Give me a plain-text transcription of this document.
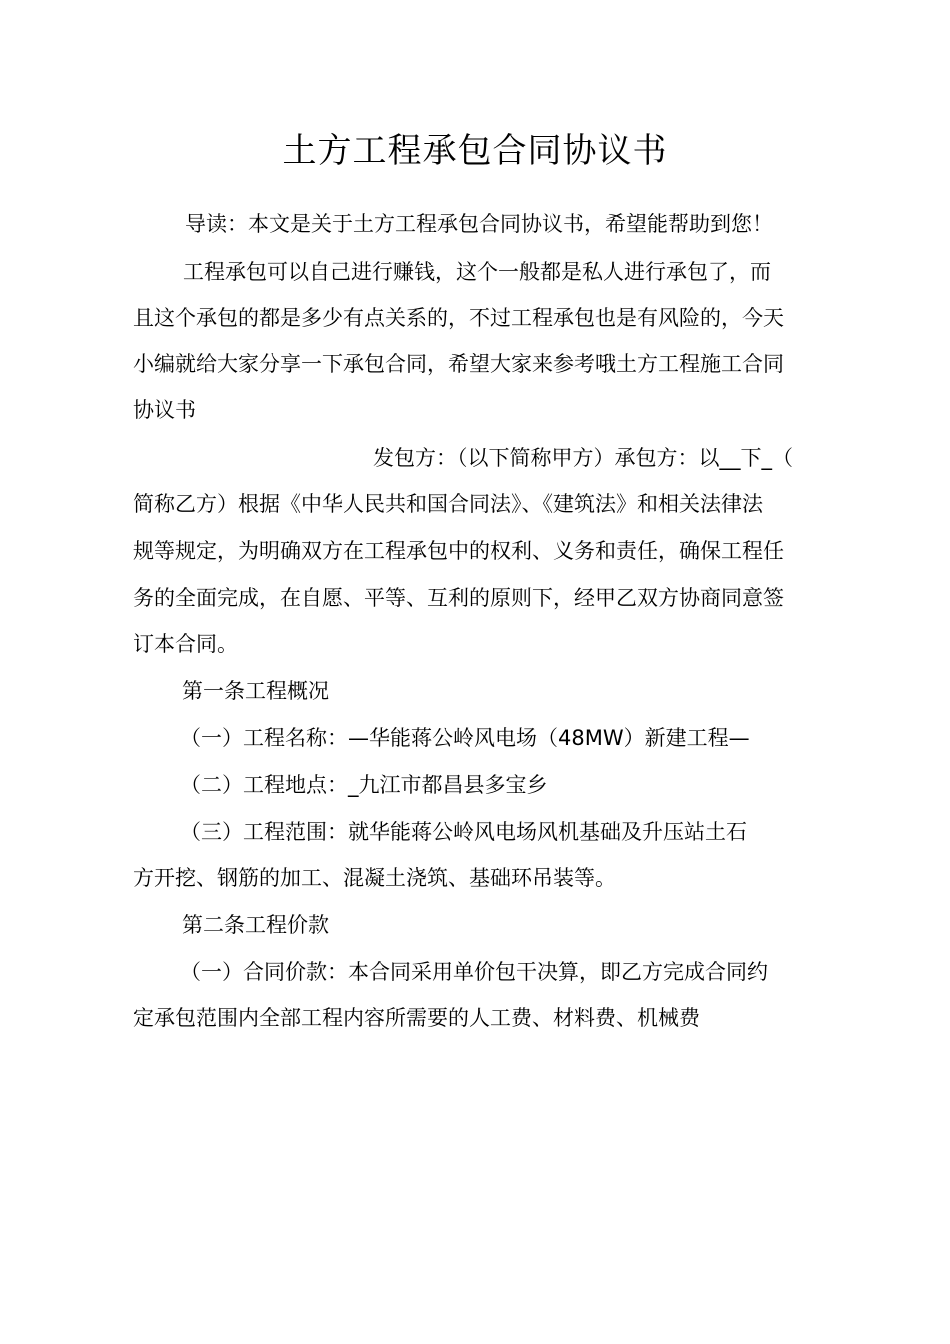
土方工程承包合同协议书
导读：本文是关于土方工程承包合同协议书，希望能帮助到您！
工程承包可以自己进行赚钱，这个一般都是私人进行承包了，而
且这个承包的都是多少有点关系的，不过工程承包也是有风险的，今天
小编就给大家分享一下承包合同，希望大家来参考哦土方工程施工合同
协议书
发包方：（以下简称甲方）承包方：以__下_（
简称乙方）根据《中华人民共和国合同法》、《建筑法》和相关法律法
规等规定，为明确双方在工程承包中的权利、义务和责任，确保工程任
务的全面完成，在自愿、平等、互利的原则下，经甲乙双方协商同意签
订本合同。
第一条工程概况
（一）工程名称：—华能蒋公岭风电场（48MW）新建工程—
（二）工程地点：_九江市都昌县多宝乡
（三）工程范围：就华能蒋公岭风电场风机基础及升压站土石
方开挖、钢筋的加工、混凝土浇筑、基础环吊装等。
第二条工程价款
（一）合同价款：本合同采用单价包干决算，即乙方完成合同约
定承包范围内全部工程内容所需要的人工费、材料费、机械费
